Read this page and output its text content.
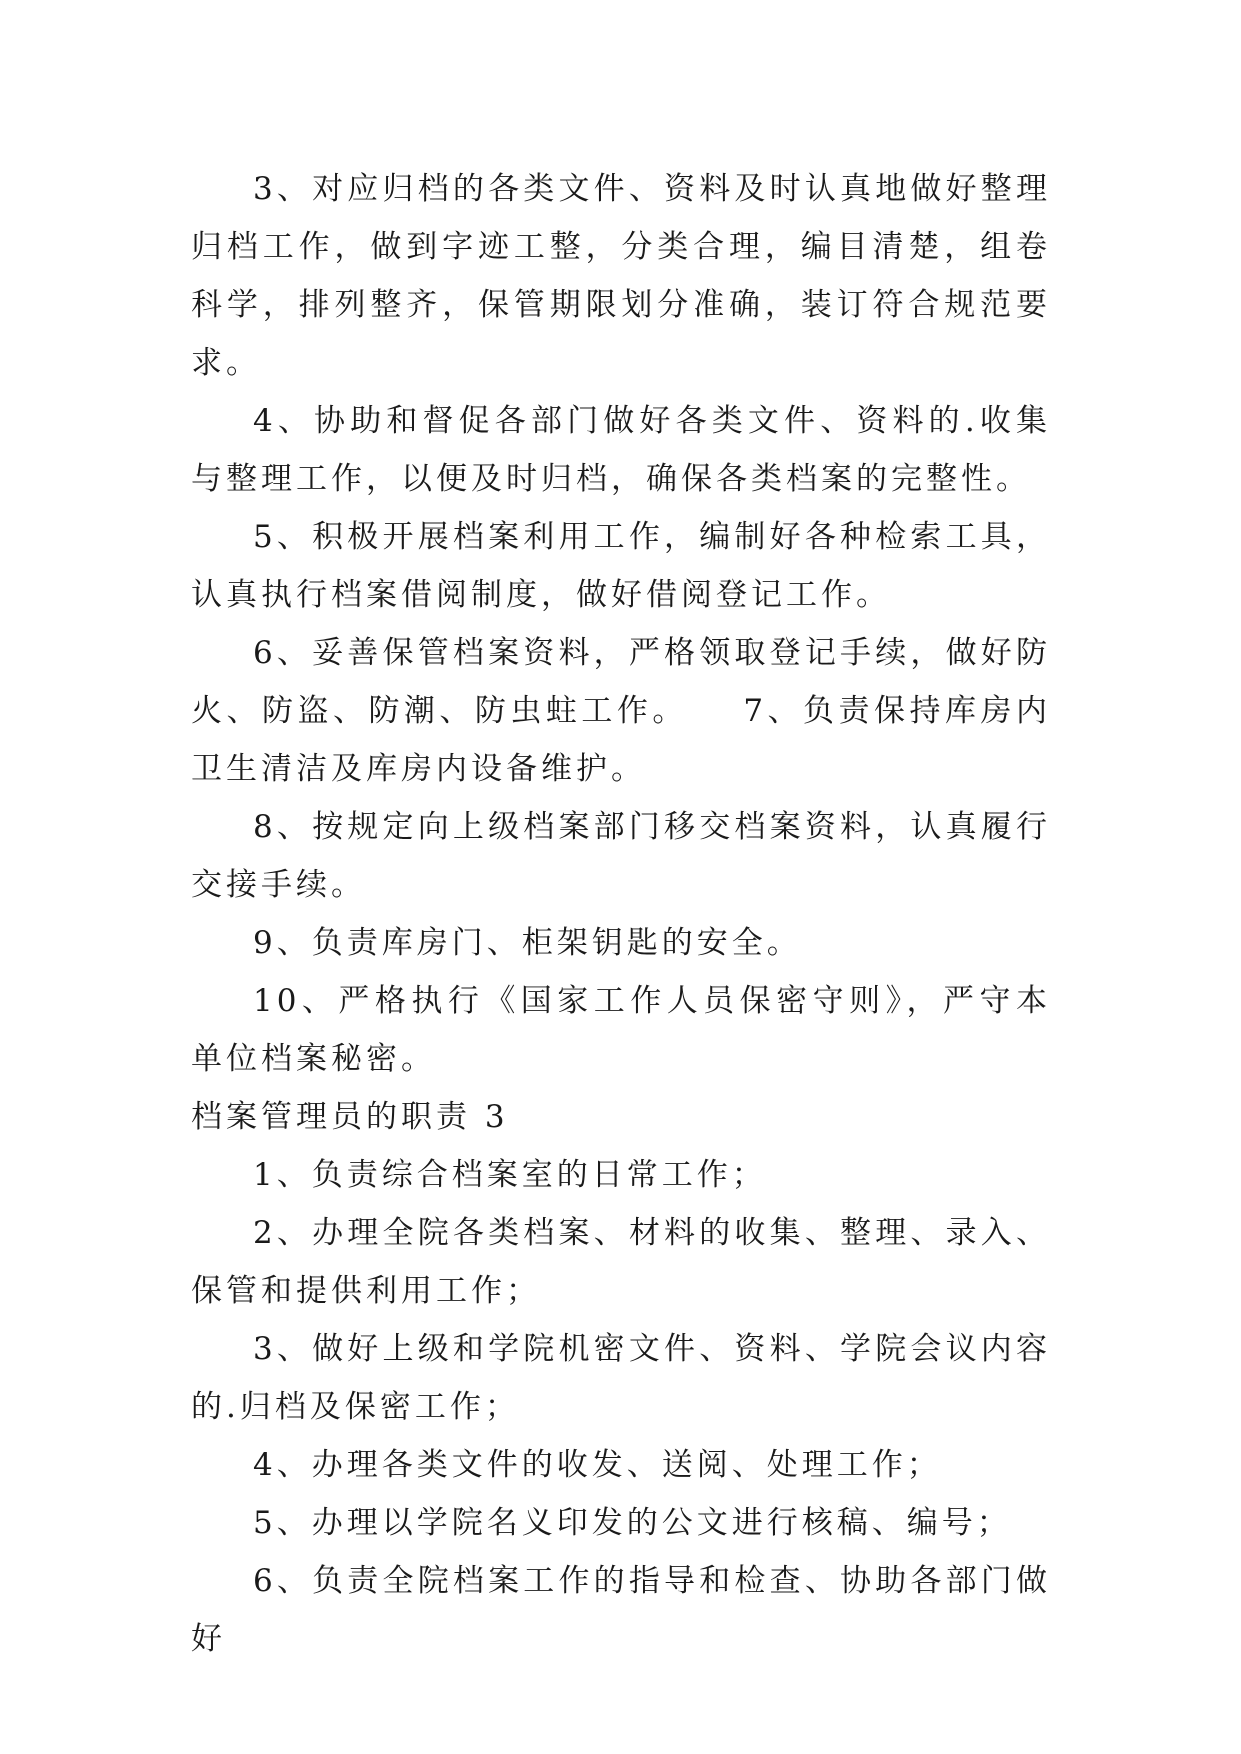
3、对应归档的各类文件、资料及时认真地做好整理归档工作，做到字迹工整，分类合理，编目清楚，组卷科学，排列整齐，保管期限划分准确，装订符合规范要求。

4、协助和督促各部门做好各类文件、资料的.收集与整理工作，以便及时归档，确保各类档案的完整性。

5、积极开展档案利用工作，编制好各种检索工具，认真执行档案借阅制度，做好借阅登记工作。

6、妥善保管档案资料，严格领取登记手续，做好防火、防盗、防潮、防虫蛀工作。　　7、负责保持库房内卫生清洁及库房内设备维护。

8、按规定向上级档案部门移交档案资料，认真履行交接手续。

9、负责库房门、柜架钥匙的安全。

10、严格执行《国家工作人员保密守则》，严守本单位档案秘密。

档案管理员的职责 3

1、负责综合档案室的日常工作；

2、办理全院各类档案、材料的收集、整理、录入、保管和提供利用工作；

3、做好上级和学院机密文件、资料、学院会议内容的.归档及保密工作；

4、办理各类文件的收发、送阅、处理工作；

5、办理以学院名义印发的公文进行核稿、编号；

6、负责全院档案工作的指导和检查、协助各部门做好
